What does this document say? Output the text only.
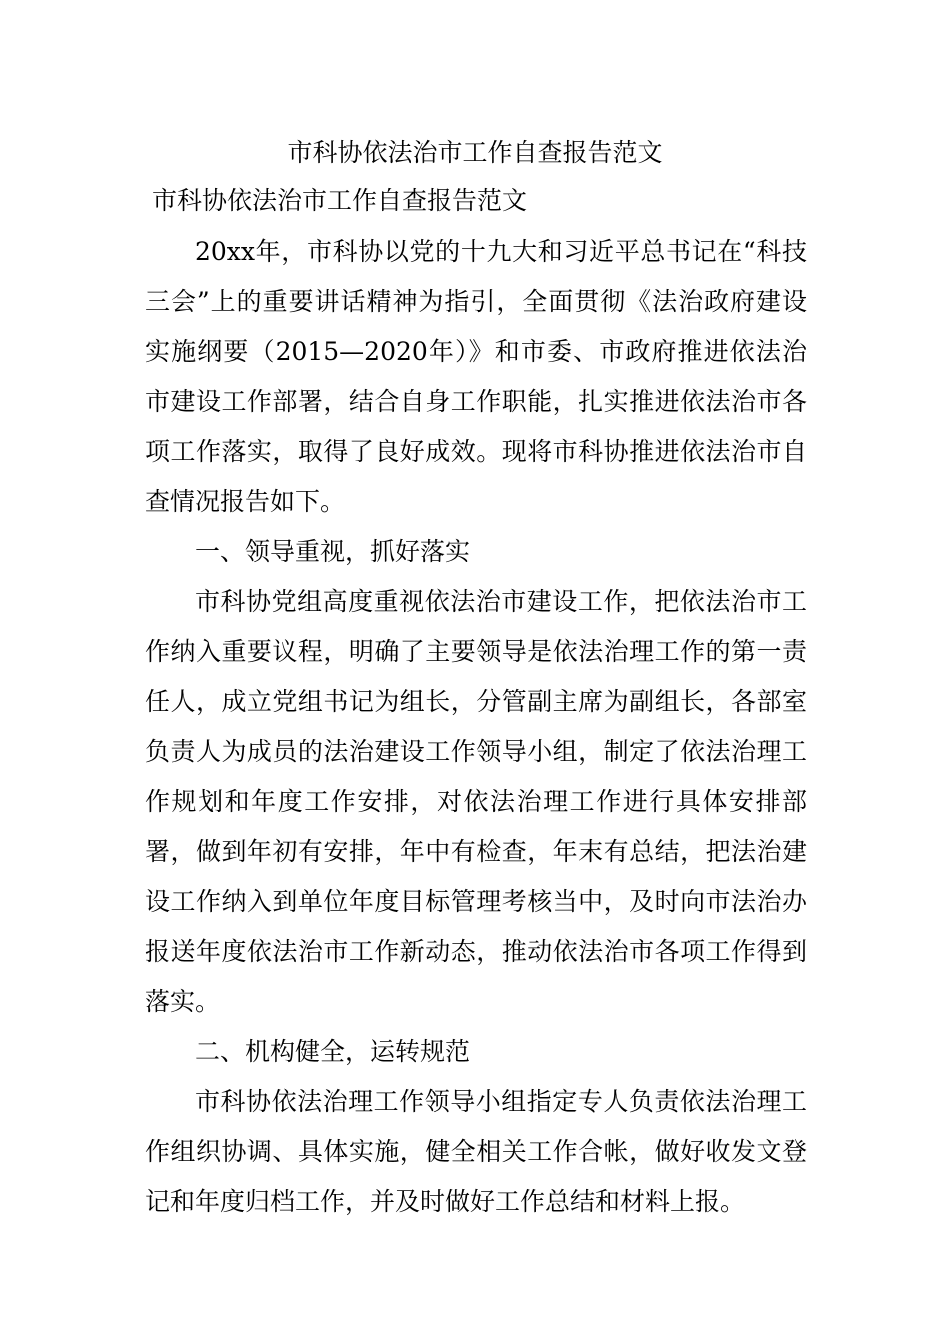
市科协依法治市工作自查报告范文
市科协依法治市工作自查报告范文

20xx年，市科协以党的十九大和习近平总书记在“科技三会”上的重要讲话精神为指引，全面贯彻《法治政府建设实施纲要（2015—2020年）》和市委、市政府推进依法治市建设工作部署，结合自身工作职能，扎实推进依法治市各项工作落实，取得了良好成效。现将市科协推进依法治市自查情况报告如下。

一、领导重视，抓好落实

市科协党组高度重视依法治市建设工作，把依法治市工作纳入重要议程，明确了主要领导是依法治理工作的第一责任人，成立党组书记为组长，分管副主席为副组长，各部室负责人为成员的法治建设工作领导小组，制定了依法治理工作规划和年度工作安排，对依法治理工作进行具体安排部署，做到年初有安排，年中有检查，年末有总结，把法治建设工作纳入到单位年度目标管理考核当中，及时向市法治办报送年度依法治市工作新动态，推动依法治市各项工作得到落实。

二、机构健全，运转规范

市科协依法治理工作领导小组指定专人负责依法治理工作组织协调、具体实施，健全相关工作合帐，做好收发文登记和年度归档工作，并及时做好工作总结和材料上报。
